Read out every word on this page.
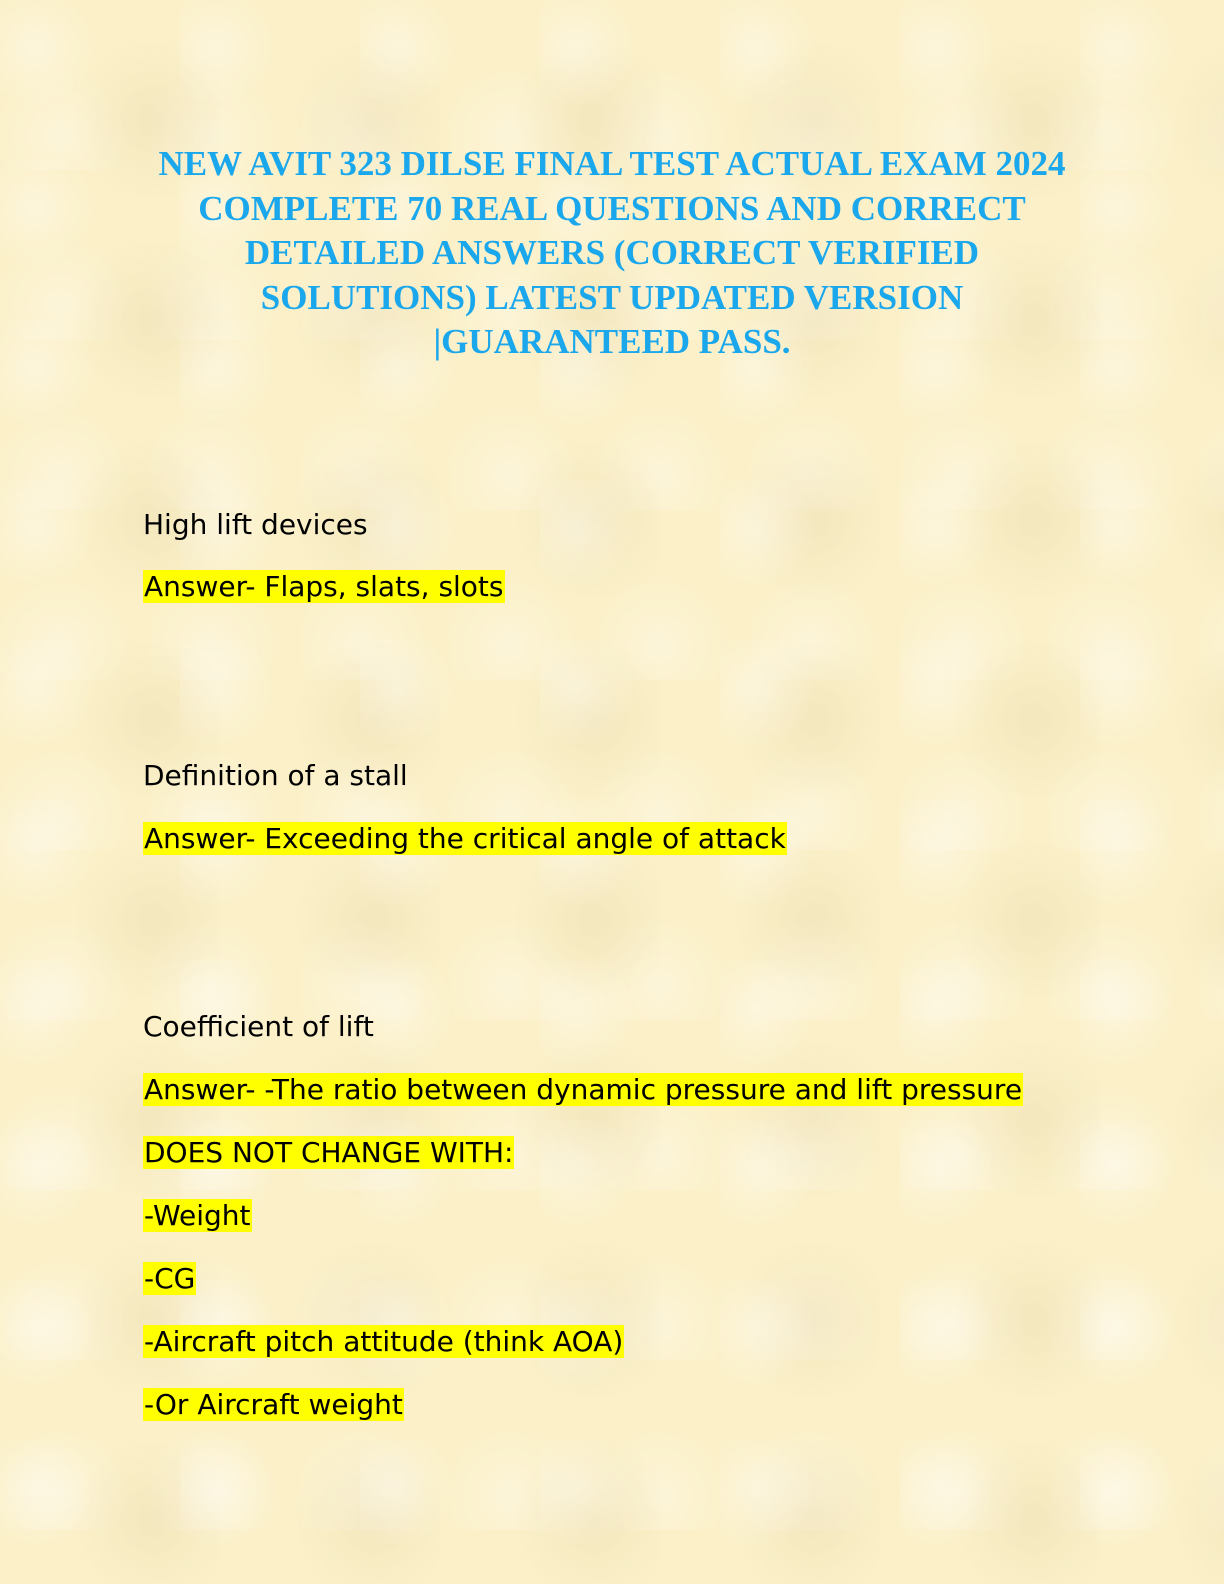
NEW AVIT 323 DILSE FINAL TEST ACTUAL EXAM 2024 COMPLETE 70 REAL QUESTIONS AND CORRECT DETAILED ANSWERS (CORRECT VERIFIED SOLUTIONS) LATEST UPDATED VERSION |GUARANTEED PASS.
High lift devices
Answer- Flaps, slats, slots
Definition of a stall
Answer- Exceeding the critical angle of attack
Coefficient of lift
Answer- -The ratio between dynamic pressure and lift pressure
DOES NOT CHANGE WITH:
-Weight
-CG
-Aircraft pitch attitude (think AOA)
-Or Aircraft weight
